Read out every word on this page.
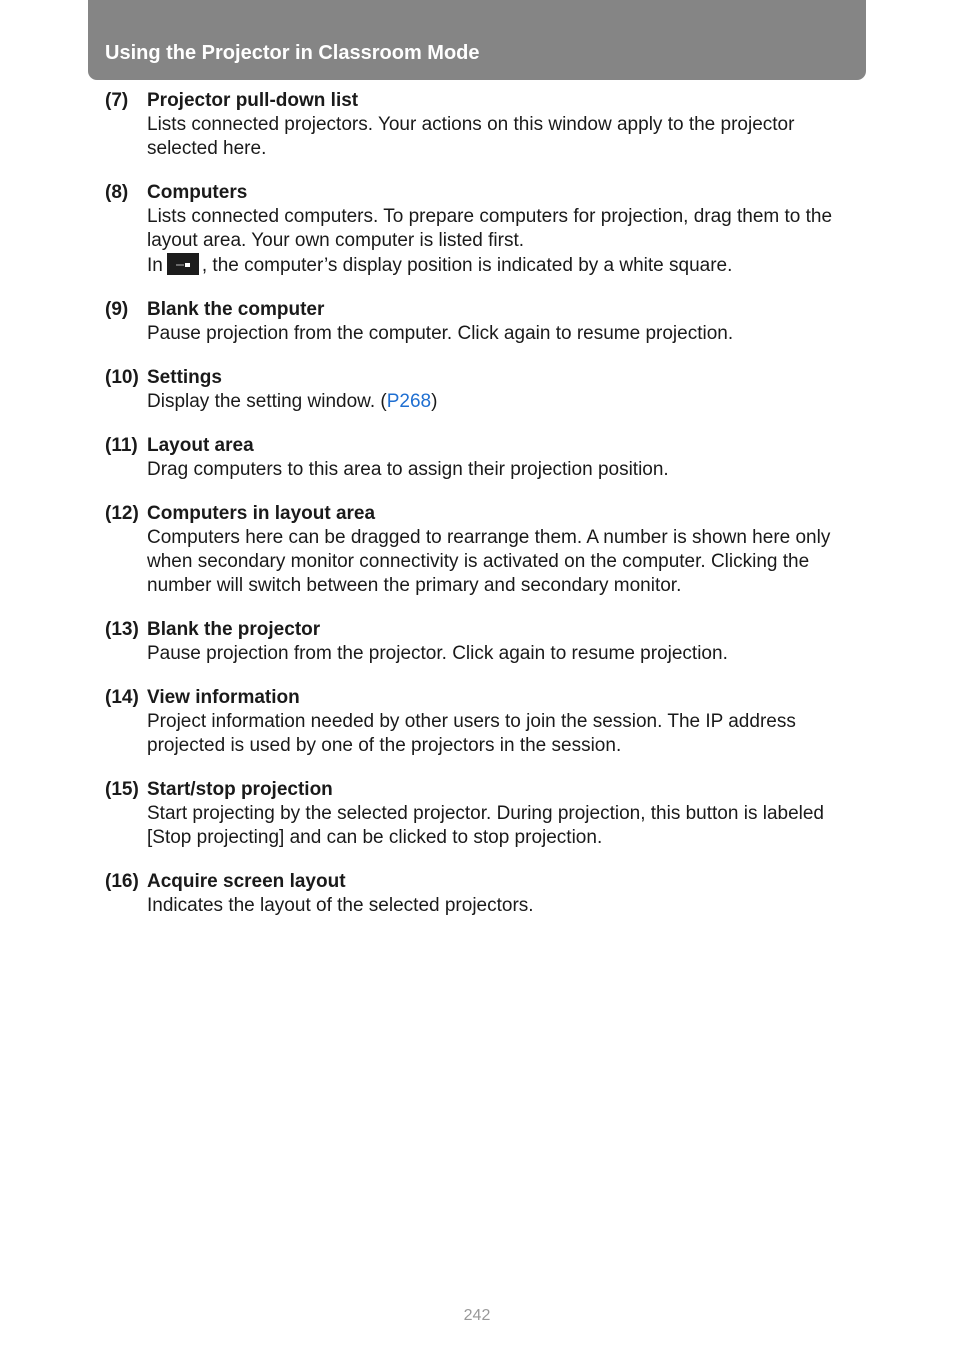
Using the Projector in Classroom Mode
(7) Projector pull-down list

Lists connected projectors. Your actions on this window apply to the projector selected here.

(8) Computers

Lists connected computers. To prepare computers for projection, drag them to the layout area. Your own computer is listed first.

In , the computer’s display position is indicated by a white square.

(9) Blank the computer

Pause projection from the computer. Click again to resume projection.

(10) Settings

Display the setting window. (P268)

(11) Layout area

Drag computers to this area to assign their projection position.

(12) Computers in layout area

Computers here can be dragged to rearrange them. A number is shown here only when secondary monitor connectivity is activated on the computer. Clicking the number will switch between the primary and secondary monitor.

(13) Blank the projector

Pause projection from the projector. Click again to resume projection.

(14) View information

Project information needed by other users to join the session. The IP address projected is used by one of the projectors in the session.

(15) Start/stop projection

Start projecting by the selected projector. During projection, this button is labeled [Stop projecting] and can be clicked to stop projection.

(16) Acquire screen layout

Indicates the layout of the selected projectors.

242
